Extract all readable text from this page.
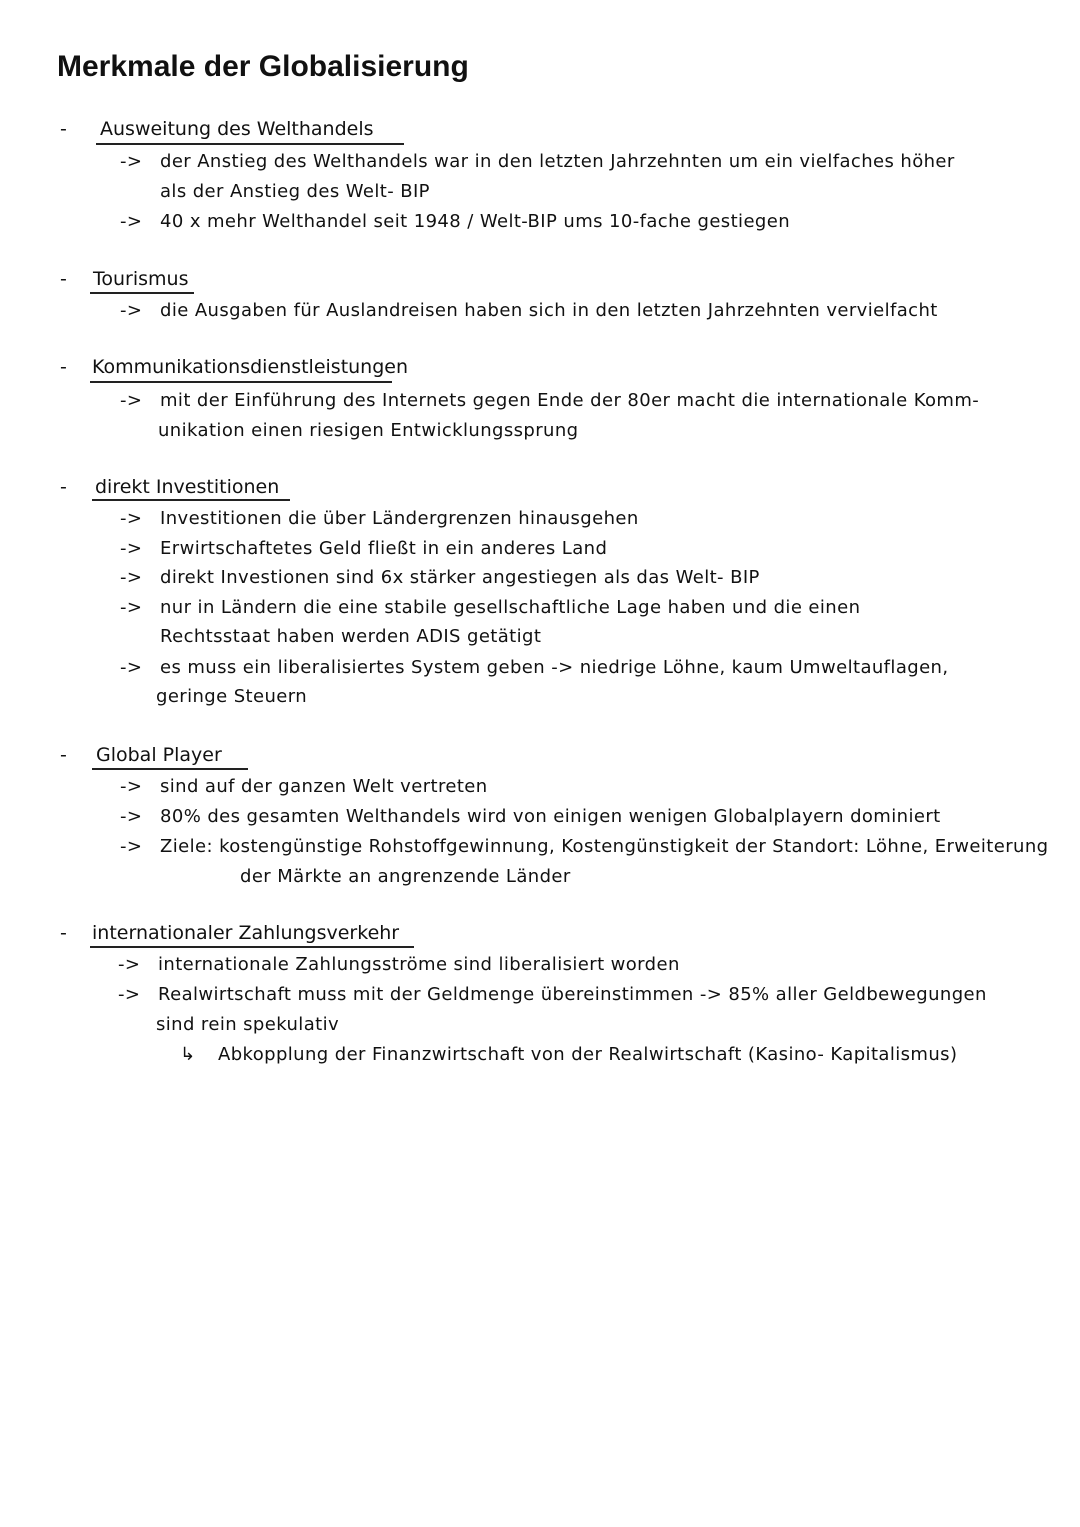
Merkmale der Globalisierung
- Ausweitung des Welthandels
-> der Anstieg des Welthandels war in den letzten Jahrzehnten um ein vielfaches höher
als der Anstieg des Welt- BIP
-> 40 x mehr Welthandel seit 1948 / Welt-BIP ums 10-fache gestiegen
- Tourismus
-> die Ausgaben für Auslandreisen haben sich in den letzten Jahrzehnten vervielfacht
- Kommunikationsdienstleistungen
-> mit der Einführung des Internets gegen Ende der 80er macht die internationale Komm-
unikation einen riesigen Entwicklungssprung
- direkt Investitionen
-> Investitionen die über Ländergrenzen hinausgehen
-> Erwirtschaftetes Geld fließt in ein anderes Land
-> direkt Investionen sind 6x stärker angestiegen als das Welt- BIP
-> nur in Ländern die eine stabile gesellschaftliche Lage haben und die einen
Rechtsstaat haben werden ADIS getätigt
-> es muss ein liberalisiertes System geben -> niedrige Löhne, kaum Umweltauflagen,
geringe Steuern
- Global Player
-> sind auf der ganzen Welt vertreten
-> 80% des gesamten Welthandels wird von einigen wenigen Globalplayern dominiert
-> Ziele: kostengünstige Rohstoffgewinnung, Kostengünstigkeit der Standort: Löhne, Erweiterung
der Märkte an angrenzende Länder
- internationaler Zahlungsverkehr
-> internationale Zahlungsströme sind liberalisiert worden
-> Realwirtschaft muss mit der Geldmenge übereinstimmen -> 85% aller Geldbewegungen
sind rein spekulativ
↳ Abkopplung der Finanzwirtschaft von der Realwirtschaft (Kasino- Kapitalismus)
